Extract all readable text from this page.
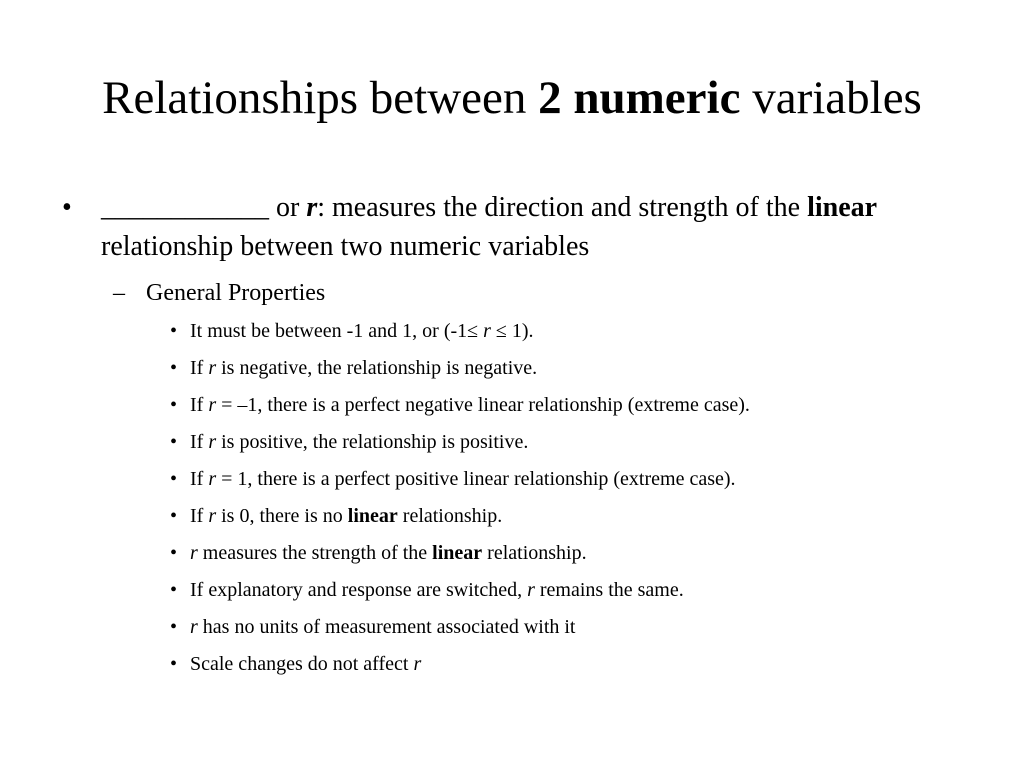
Relationships between 2 numeric variables
• ____________ or r: measures the direction and strength of the linear relationship between two numeric variables
– General Properties
• It must be between -1 and 1, or (-1≤ r ≤ 1).
• If r is negative, the relationship is negative.
• If r = –1, there is a perfect negative linear relationship (extreme case).
• If r is positive, the relationship is positive.
• If r = 1, there is a perfect positive linear relationship (extreme case).
• If r is 0, there is no linear relationship.
• r measures the strength of the linear relationship.
• If explanatory and response are switched, r remains the same.
• r has no units of measurement associated with it
• Scale changes do not affect r
